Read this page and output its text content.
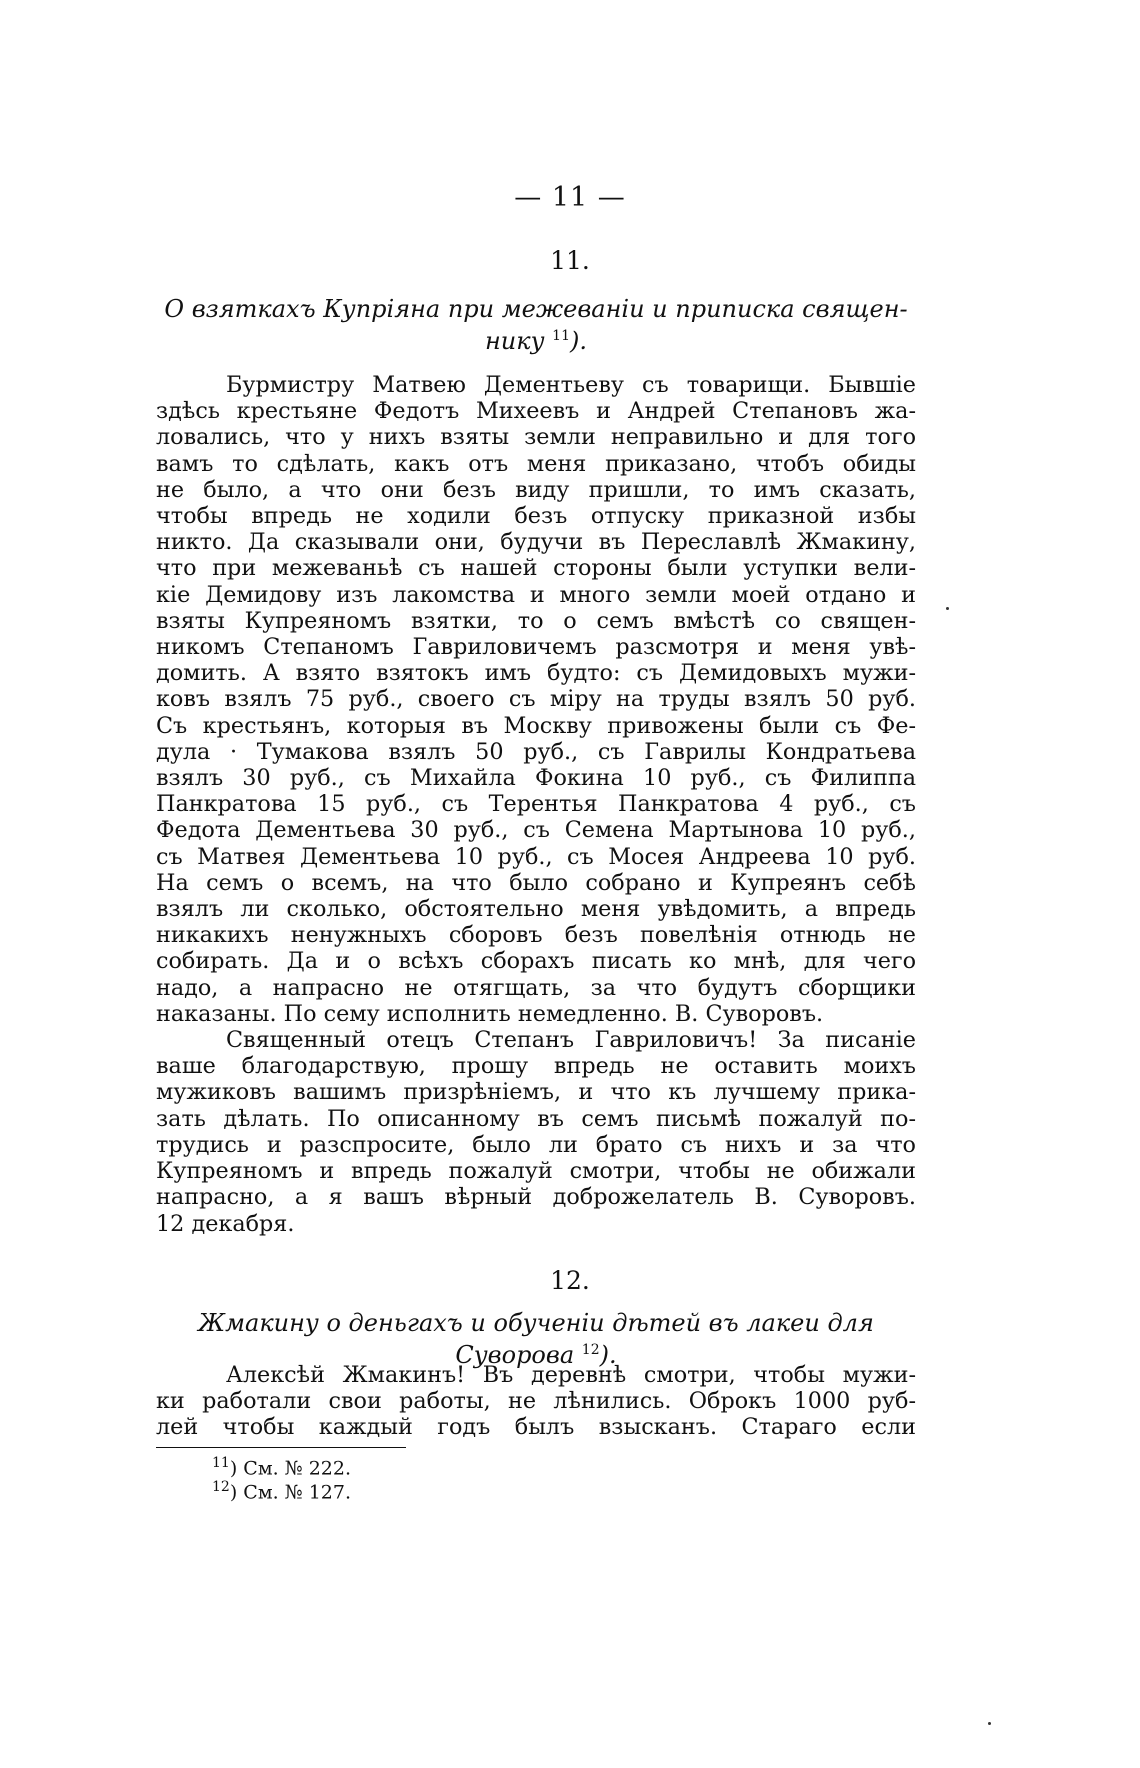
— 11 —
11.
О взяткахъ Купріяна при межеваніи и приписка священ-
нику $^{11}$).
Бурмистру Матвею Дементьеву съ товарищи. Бывшіе
здѣсь крестьяне Федотъ Михеевъ и Андрей Степановъ жа-
ловались, что у нихъ взяты земли неправильно и для того
вамъ то сдѣлать, какъ отъ меня приказано, чтобъ обиды
не было, а что они безъ виду пришли, то имъ сказать,
чтобы впредь не ходили безъ отпуску приказной избы
никто. Да сказывали они, будучи въ Переславлѣ Жмакину,
что при межеваньѣ съ нашей стороны были уступки вели-
кіе Демидову изъ лакомства и много земли моей отдано и
взяты Купреяномъ взятки, то о семъ вмѣстѣ со священ-
никомъ Степаномъ Гавриловичемъ разсмотря и меня увѣ-
домить. А взято взятокъ имъ будто: съ Демидовыхъ мужи-
ковъ взялъ 75 руб., своего съ міру на труды взялъ 50 руб.
Съ крестьянъ, которыя въ Москву привожены были съ Фе-
дула · Тумакова взялъ 50 руб., съ Гаврилы Кондратьева
взялъ 30 руб., съ Михайла Фокина 10 руб., съ Филиппа
Панкратова 15 руб., съ Терентья Панкратова 4 руб., съ
Федота Дементьева 30 руб., съ Семена Мартынова 10 руб.,
съ Матвея Дементьева 10 руб., съ Мосея Андреева 10 руб.
На семъ о всемъ, на что было собрано и Купреянъ себѣ
взялъ ли сколько, обстоятельно меня увѣдомить, а впредь
никакихъ ненужныхъ сборовъ безъ повелѣнія отнюдь не
собирать. Да и о всѣхъ сборахъ писать ко мнѣ, для чего
надо, а напрасно не отягщать, за что будутъ сборщики
наказаны. По сему исполнить немедленно. В. Суворовъ.
Священный отецъ Степанъ Гавриловичъ! За писаніе
ваше благодарствую, прошу впредь не оставить моихъ
мужиковъ вашимъ призрѣніемъ, и что къ лучшему прика-
зать дѣлать. По описанному въ семъ письмѣ пожалуй по-
трудись и разспросите, было ли брато съ нихъ и за что
Купреяномъ и впредь пожалуй смотри, чтобы не обижали
напрасно, а я вашъ вѣрный доброжелатель В. Суворовъ.
12 декабря.
12.
Жмакину о деньгахъ и обученіи дѣтей въ лакеи для Суворова $^{12}$).
Алексѣй Жмакинъ! Въ деревнѣ смотри, чтобы мужи-
ки работали свои работы, не лѣнились. Оброкъ 1000 руб-
лей чтобы каждый годъ былъ взысканъ. Стараго если
$^{11}$) См. № 222.
$^{12}$) См. № 127.
